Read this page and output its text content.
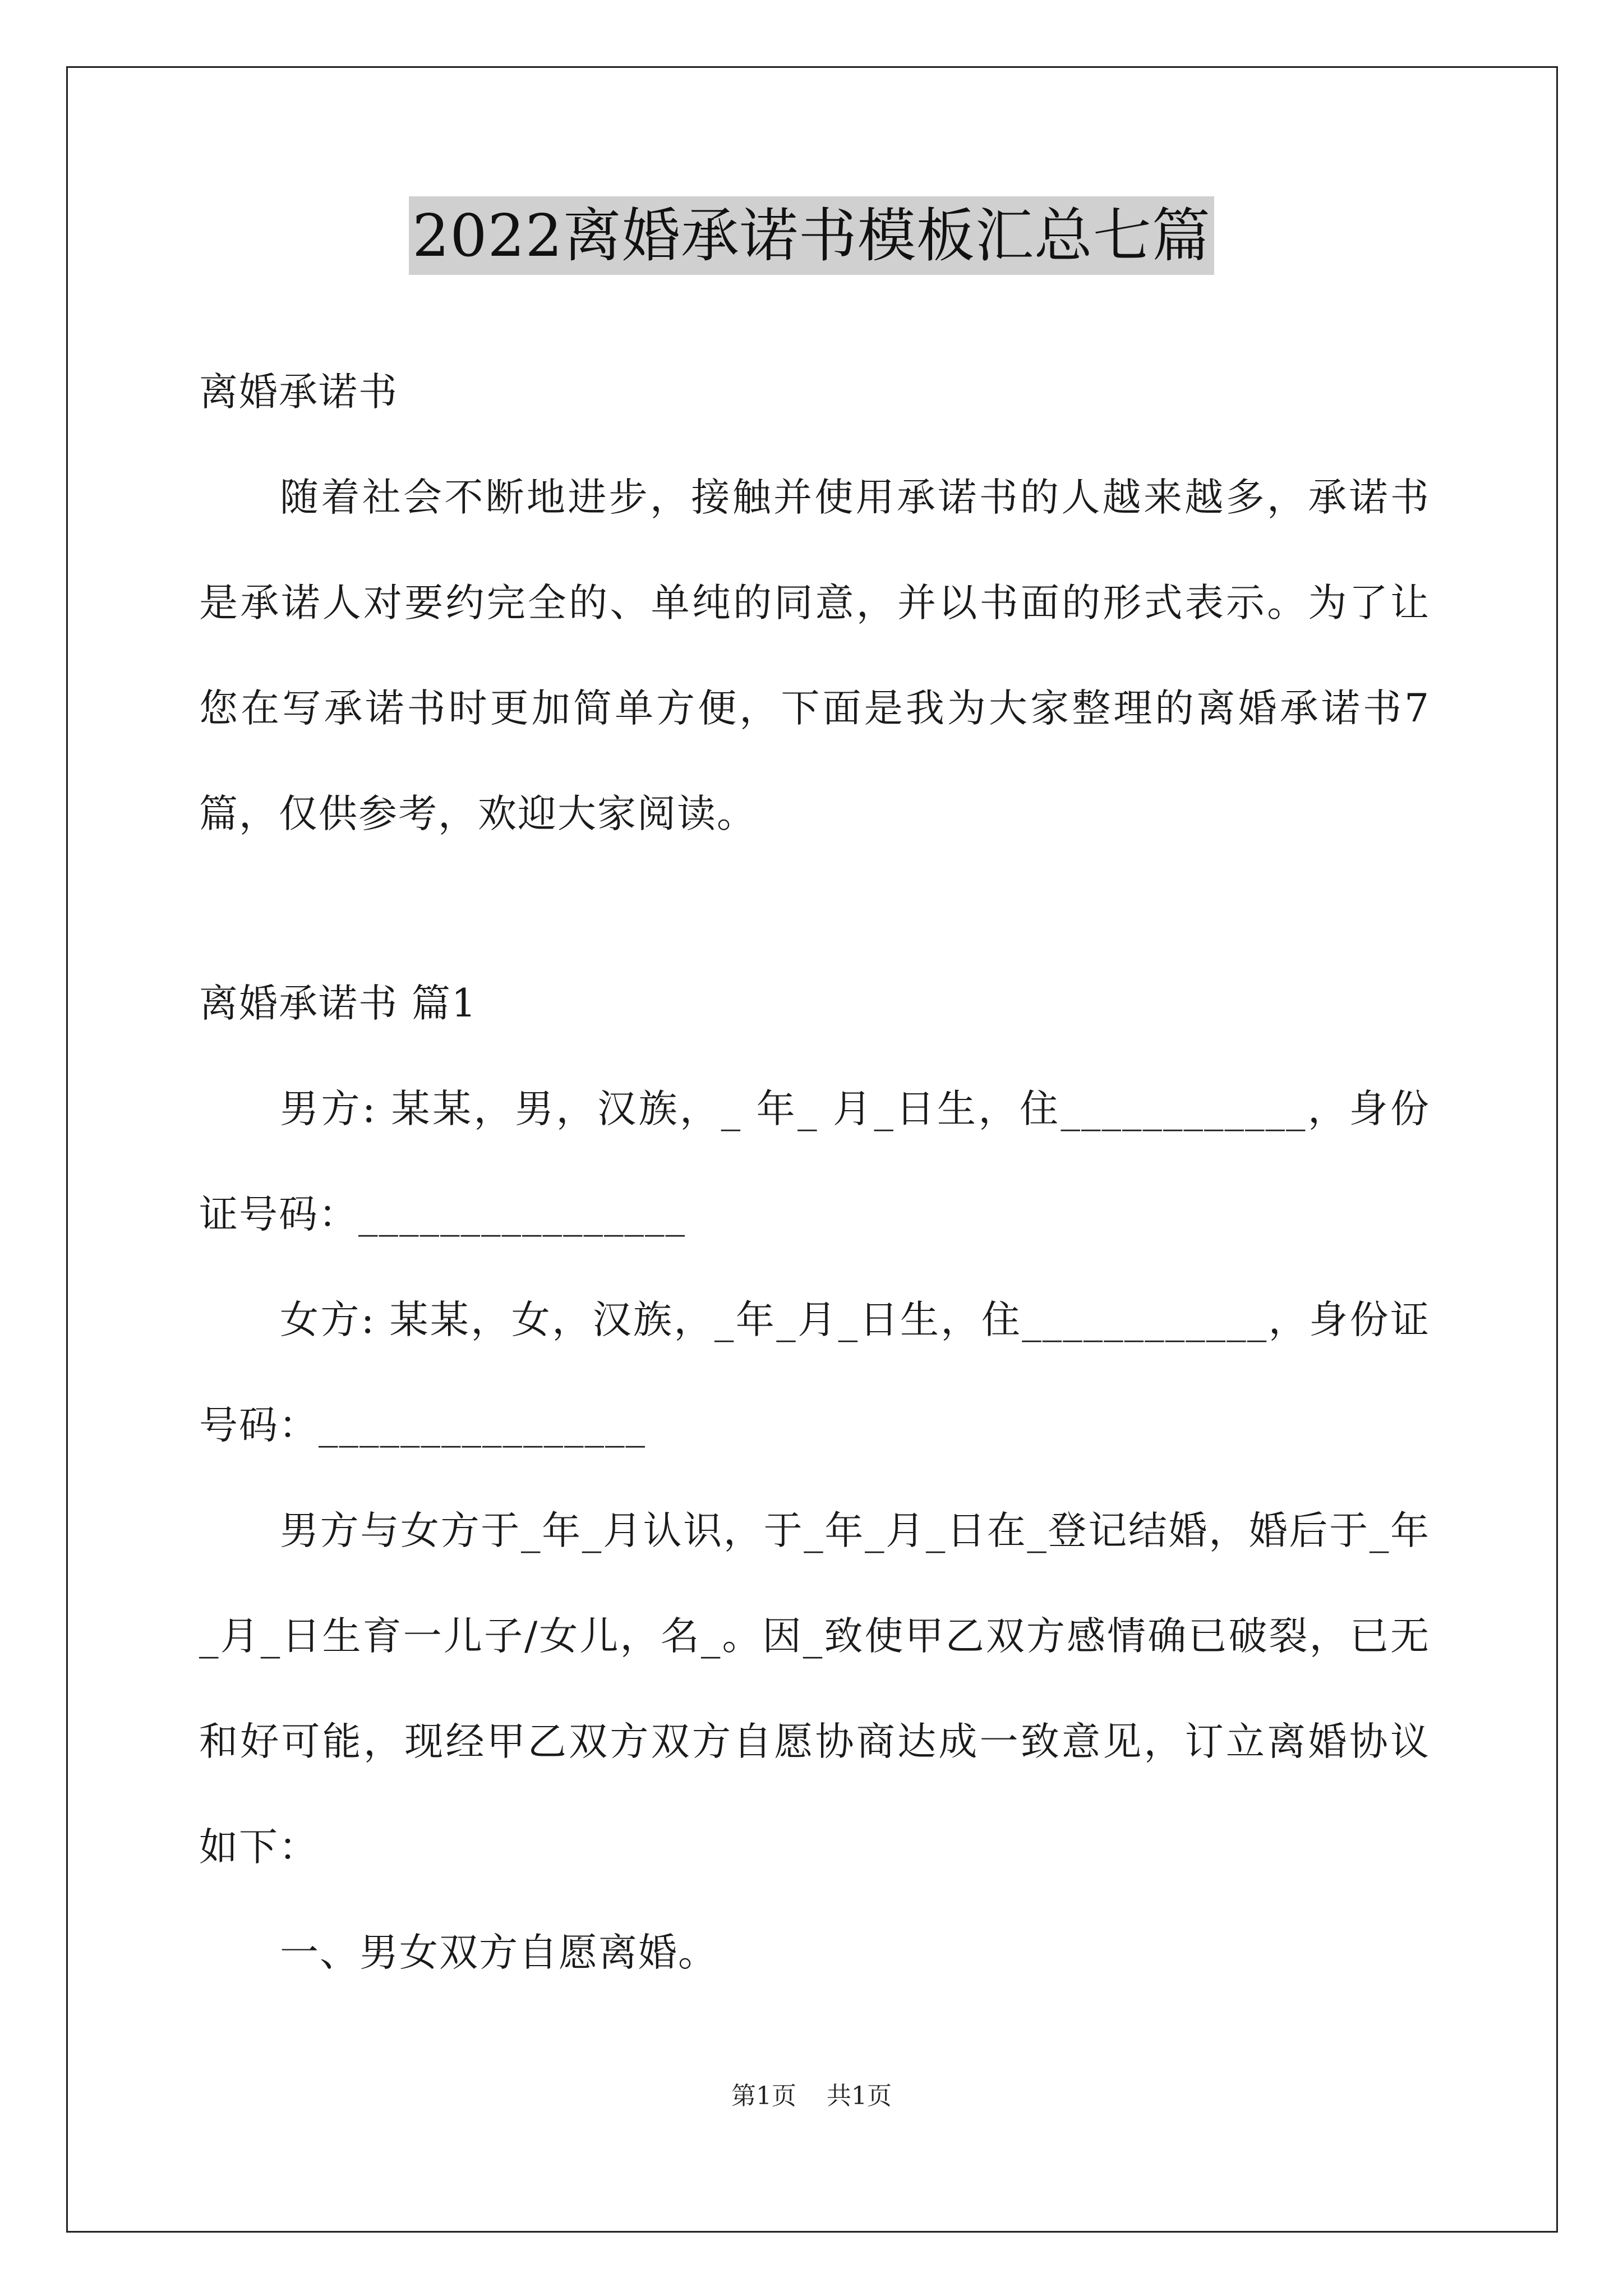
2022离婚承诺书模板汇总七篇

离婚承诺书

随着社会不断地进步，接触并使用承诺书的人越来越多，承诺书是承诺人对要约完全的、单纯的同意，并以书面的形式表示。为了让您在写承诺书时更加简单方便，下面是我为大家整理的离婚承诺书7篇，仅供参考，欢迎大家阅读。

离婚承诺书 篇1

男方: 某某，男，汉族，_ 年_ 月_日生，住____________，身份证号码：________________

女方: 某某，女，汉族，_年_月_日生，住____________，身份证号码：________________

男方与女方于_年_月认识，于_年_月_日在_登记结婚，婚后于_年_月_日生育一儿子/女儿，名_。因_致使甲乙双方感情确已破裂，已无和好可能，现经甲乙双方双方自愿协商达成一致意见，订立离婚协议如下：

一、男女双方自愿离婚。

第1页 共1页
